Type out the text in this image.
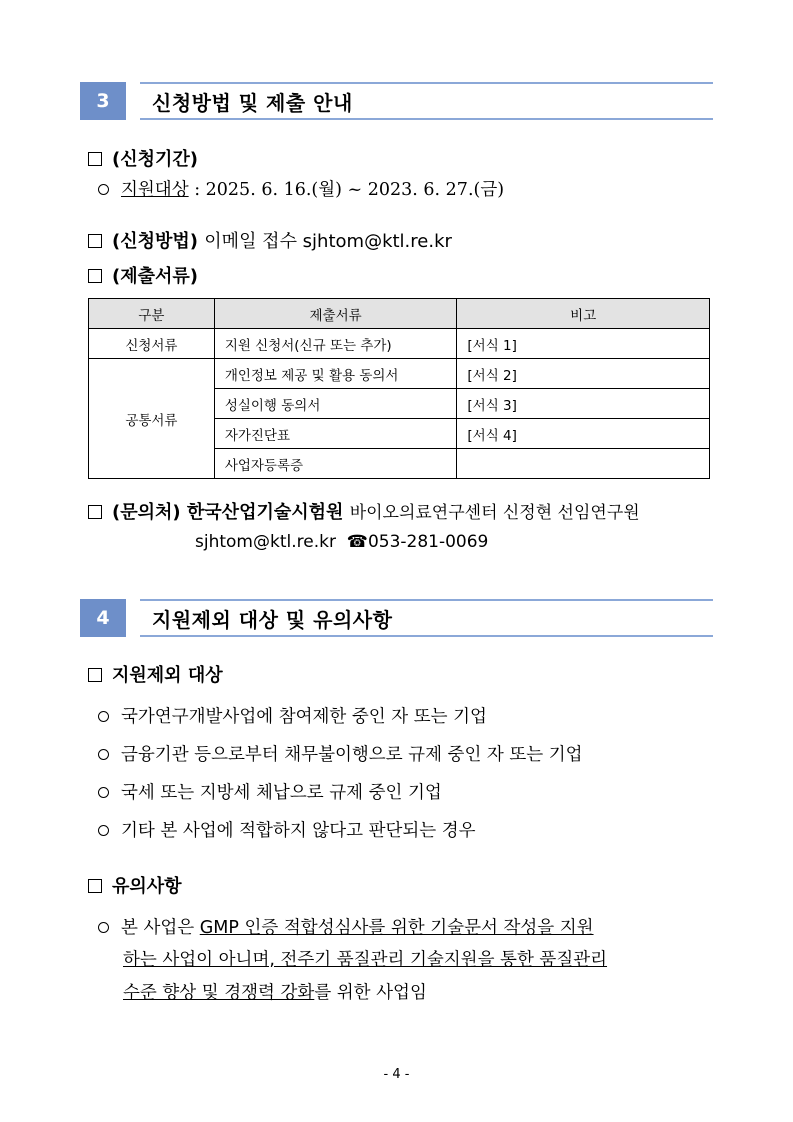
3	신청방법 및 제출 안내
(신청기간)
지원대상 : 2025. 6. 16.(월) ~ 2023. 6. 27.(금)
(신청방법) 이메일 접수 sjhtom@ktl.re.kr
(제출서류)
구분	제출서류	비고
신청서류	지원 신청서(신규 또는 추가)	[서식 1]
공통서류	개인정보 제공 및 활용 동의서	[서식 2]
	성실이행 동의서	[서식 3]
	자가진단표	[서식 4]
	사업자등록증	
(문의처) 한국산업기술시험원 바이오의료연구센터 신정현 선임연구원
sjhtom@ktl.re.kr ☎053-281-0069
4	지원제외 대상 및 유의사항
지원제외 대상
국가연구개발사업에 참여제한 중인 자 또는 기업
금융기관 등으로부터 채무불이행으로 규제 중인 자 또는 기업
국세 또는 지방세 체납으로 규제 중인 기업
기타 본 사업에 적합하지 않다고 판단되는 경우
유의사항
본 사업은 GMP 인증 적합성심사를 위한 기술문서 작성을 지원
하는 사업이 아니며, 전주기 품질관리 기술지원을 통한 품질관리
수준 향상 및 경쟁력 강화를 위한 사업임
- 4 -
